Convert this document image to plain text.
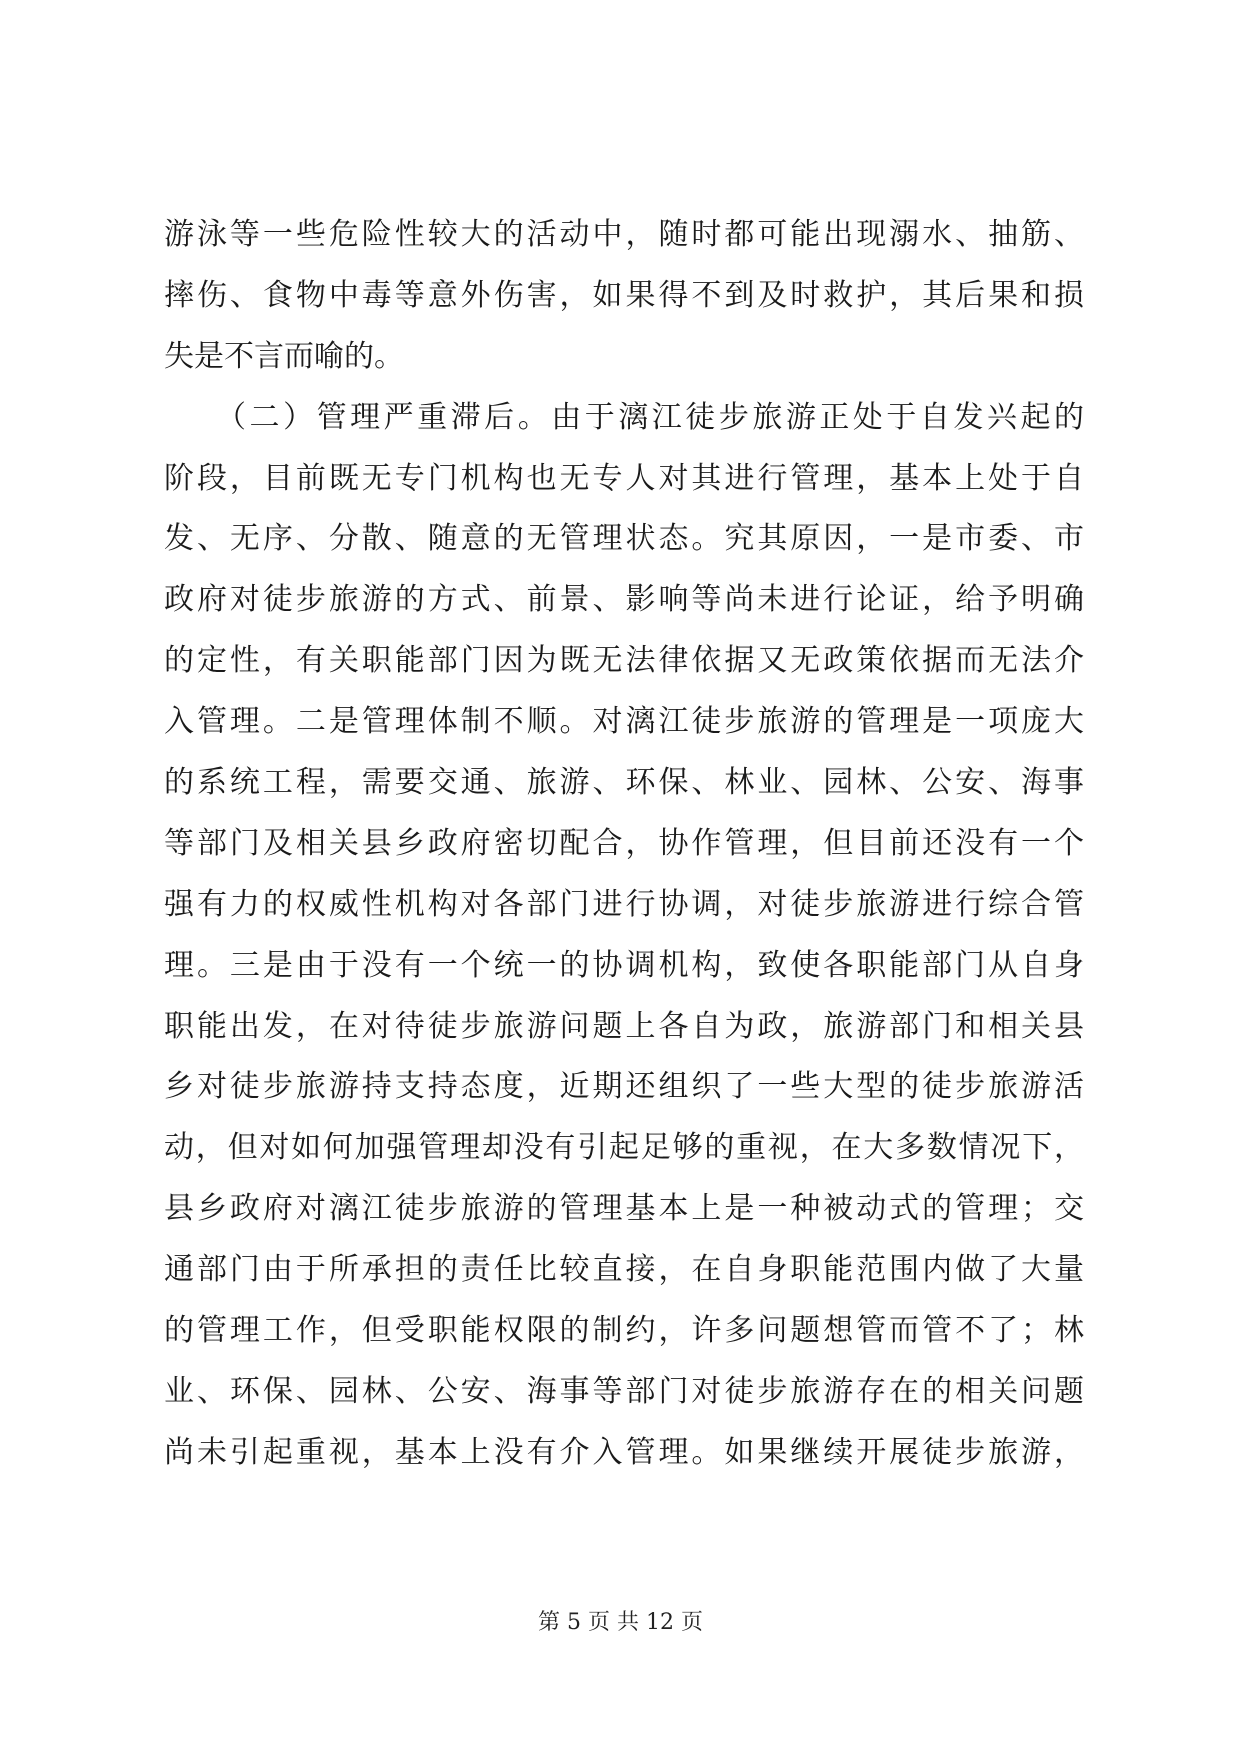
游泳等一些危险性较大的活动中，随时都可能出现溺水、抽筋、
摔伤、食物中毒等意外伤害，如果得不到及时救护，其后果和损
失是不言而喻的。
　　（二）管理严重滞后。由于漓江徒步旅游正处于自发兴起的
阶段，目前既无专门机构也无专人对其进行管理，基本上处于自
发、无序、分散、随意的无管理状态。究其原因，一是市委、市
政府对徒步旅游的方式、前景、影响等尚未进行论证，给予明确
的定性，有关职能部门因为既无法律依据又无政策依据而无法介
入管理。二是管理体制不顺。对漓江徒步旅游的管理是一项庞大
的系统工程，需要交通、旅游、环保、林业、园林、公安、海事
等部门及相关县乡政府密切配合，协作管理，但目前还没有一个
强有力的权威性机构对各部门进行协调，对徒步旅游进行综合管
理。三是由于没有一个统一的协调机构，致使各职能部门从自身
职能出发，在对待徒步旅游问题上各自为政，旅游部门和相关县
乡对徒步旅游持支持态度，近期还组织了一些大型的徒步旅游活
动，但对如何加强管理却没有引起足够的重视，在大多数情况下，
县乡政府对漓江徒步旅游的管理基本上是一种被动式的管理；交
通部门由于所承担的责任比较直接，在自身职能范围内做了大量
的管理工作，但受职能权限的制约，许多问题想管而管不了；林
业、环保、园林、公安、海事等部门对徒步旅游存在的相关问题
尚未引起重视，基本上没有介入管理。如果继续开展徒步旅游，
第 5 页 共 12 页
